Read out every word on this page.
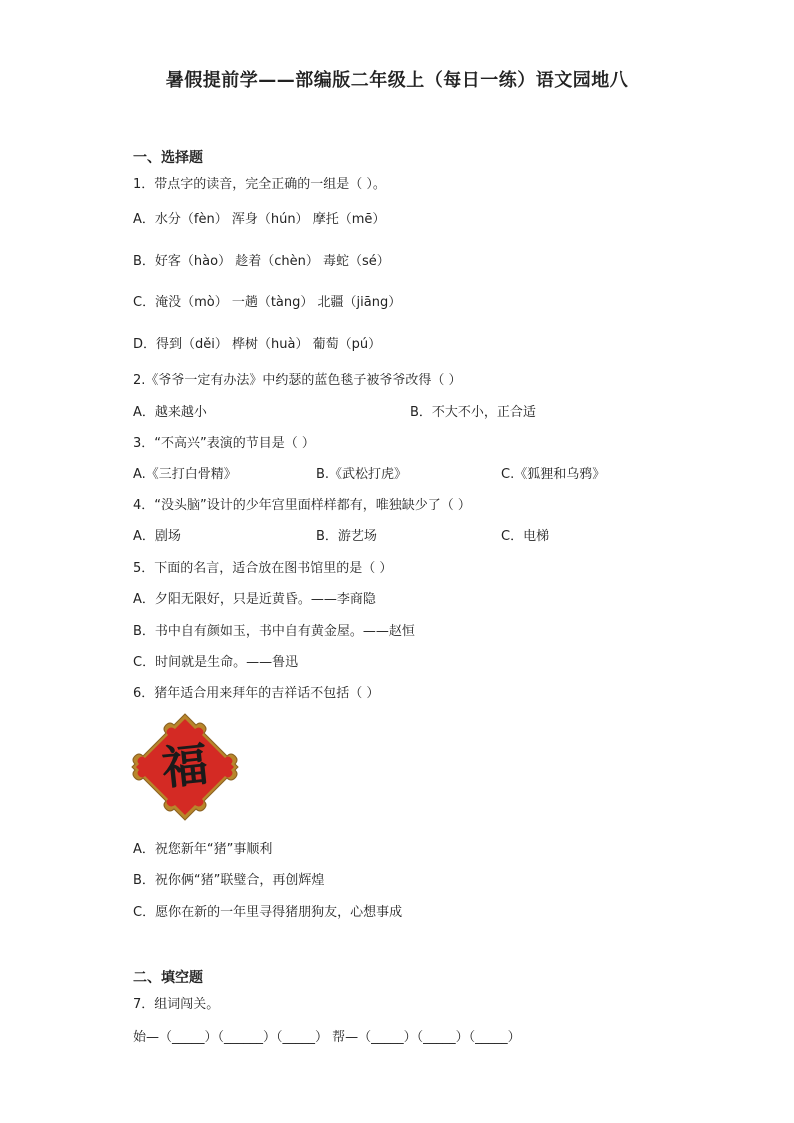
暑假提前学——部编版二年级上（每日一练）语文园地八
一、选择题
1．带点字的读音，完全正确的一组是（ ）。
A．水分（fèn） 浑身（hún） 摩托（mē）
B．好客（hào） 趁着（chèn） 毒蛇（sé）
C．淹没（mò） 一趟（tàng） 北疆（jiāng）
D．得到（děi） 桦树（huà） 葡萄（pú）
2.《爷爷一定有办法》中约瑟的蓝色毯子被爷爷改得（ ）
A．越来越小	B．不大不小，正合适
3．“不高兴”表演的节目是（ ）
A.《三打白骨精》	B.《武松打虎》	C.《狐狸和乌鸦》
4．“没头脑”设计的少年宫里面样样都有，唯独缺少了（ ）
A．剧场	B．游艺场	C．电梯
5．下面的名言，适合放在图书馆里的是（ ）
A．夕阳无限好，只是近黄昏。——李商隐
B．书中自有颜如玉，书中自有黄金屋。——赵恒
C．时间就是生命。——鲁迅
6．猪年适合用来拜年的吉祥话不包括（ ）
福
A．祝您新年“猪”事顺利
B．祝你俩“猪”联璧合，再创辉煌
C．愿你在新的一年里寻得猪朋狗友，心想事成
二、填空题
7．组词闯关。
始—（_____）（______）（_____） 帮—（_____）（_____）（_____）
